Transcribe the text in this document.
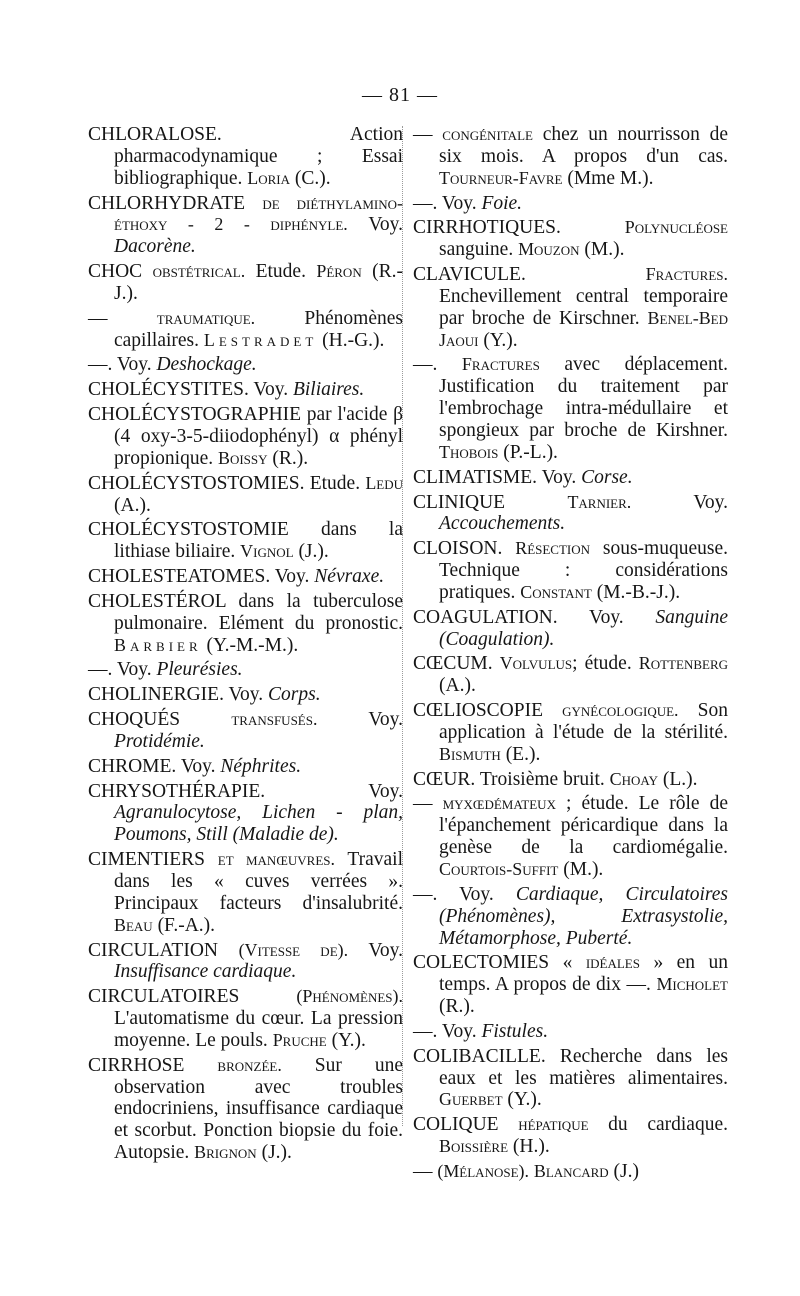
— 81 —

CHLORALOSE. Action pharmacodynamique ; Essai bibliographique. Loria (C.).

CHLORHYDRATE de diéthylamino-éthoxy - 2 - diphényle. Voy. Dacorène.

CHOC obstétrical. Etude. Péron (R.-J.).

— traumatique. Phénomènes capillaires. Lestradet (H.-G.).

—. Voy. Deshockage.

CHOLÉCYSTITES. Voy. Biliaires.

CHOLÉCYSTOGRAPHIE par l'acide β (4 oxy-3-5-diiodophényl) α phényl propionique. Boissy (R.).

CHOLÉCYSTOSTOMIES. Etude. Ledu (A.).

CHOLÉCYSTOSTOMIE dans la lithiase biliaire. Vignol (J.).

CHOLESTEATOMES. Voy. Névraxe.

CHOLESTÉROL dans la tuberculose pulmonaire. Elément du pronostic. Barbier (Y.-M.-M.).

—. Voy. Pleurésies.

CHOLINERGIE. Voy. Corps.

CHOQUÉS transfusés. Voy. Protidémie.

CHROME. Voy. Néphrites.

CHRYSOTHÉRAPIE. Voy. Agranulocytose, Lichen - plan, Poumons, Still (Maladie de).

CIMENTIERS et manœuvres. Travail dans les « cuves verrées ». Principaux facteurs d'insalubrité. Beau (F.-A.).

CIRCULATION (Vitesse de). Voy. Insuffisance cardiaque.

CIRCULATOIRES (Phénomènes). L'automatisme du cœur. La pression moyenne. Le pouls. Pruche (Y.).

CIRRHOSE bronzée. Sur une observation avec troubles endocriniens, insuffisance cardiaque et scorbut. Ponction biopsie du foie. Autopsie. Brignon (J.).

— congénitale chez un nourrisson de six mois. A propos d'un cas. Tourneur-Favre (Mme M.).

—. Voy. Foie.

CIRRHOTIQUES. Polynucléose sanguine. Mouzon (M.).

CLAVICULE. Fractures. Enchevillement central temporaire par broche de Kirschner. Benel-Bed Jaoui (Y.).

—. Fractures avec déplacement. Justification du traitement par l'embrochage intra-médullaire et spongieux par broche de Kirshner. Thobois (P.-L.).

CLIMATISME. Voy. Corse.

CLINIQUE Tarnier. Voy. Accouchements.

CLOISON. Résection sous-muqueuse. Technique : considérations pratiques. Constant (M.-B.-J.).

COAGULATION. Voy. Sanguine (Coagulation).

CŒCUM. Volvulus; étude. Rottenberg (A.).

CŒLIOSCOPIE gynécologique. Son application à l'étude de la stérilité. Bismuth (E.).

CŒUR. Troisième bruit. Choay (L.).

— myxœdémateux ; étude. Le rôle de l'épanchement péricardique dans la genèse de la cardiomégalie. Courtois-Suffit (M.).

—. Voy. Cardiaque, Circulatoires (Phénomènes), Extrasystolie, Métamorphose, Puberté.

COLECTOMIES « idéales » en un temps. A propos de dix —. Micholet (R.).

—. Voy. Fistules.

COLIBACILLE. Recherche dans les eaux et les matières alimentaires. Guerbet (Y.).

COLIQUE hépatique du cardiaque. Boissière (H.).

— (Mélanose). Blancard (J.)
